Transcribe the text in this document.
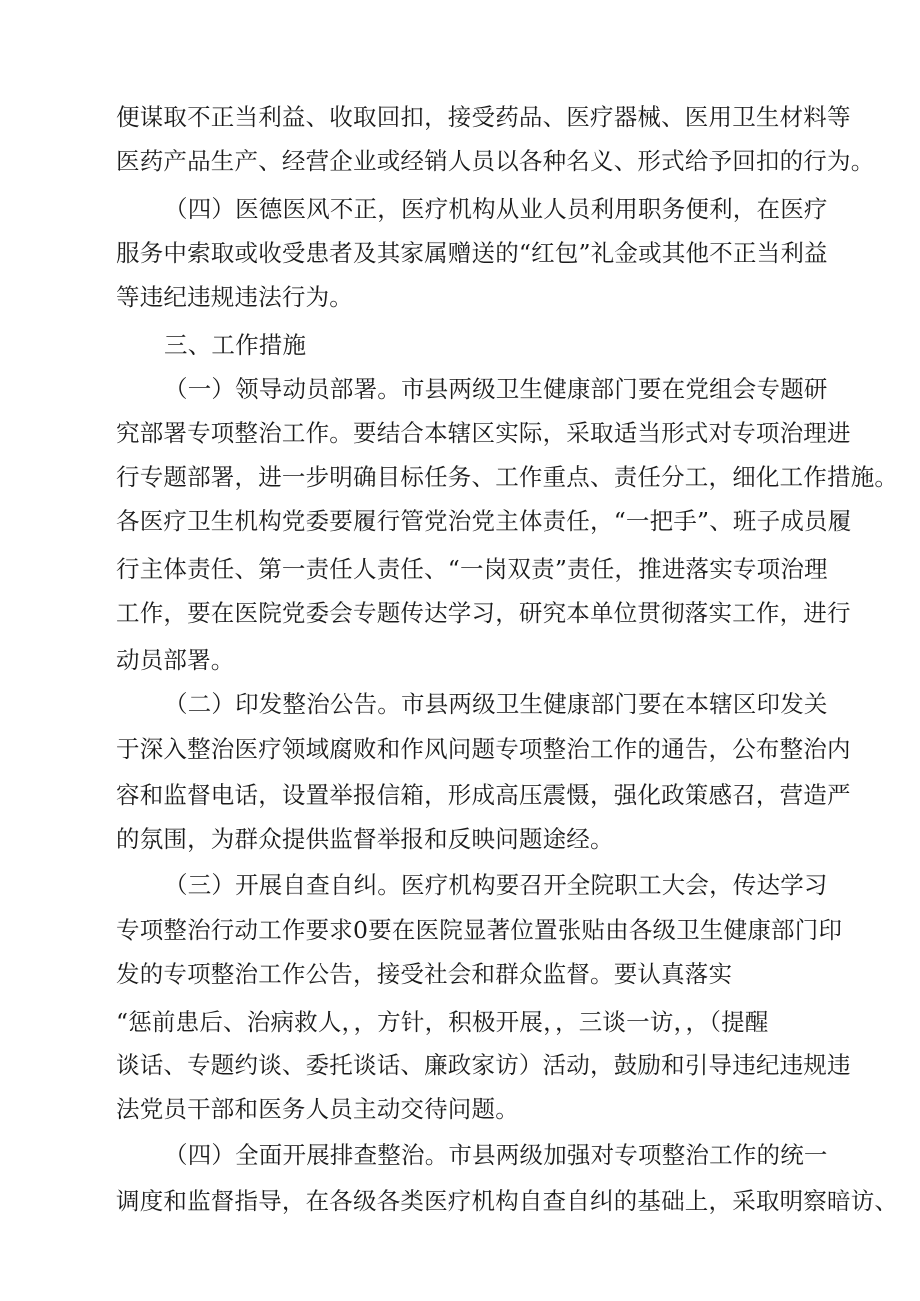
便谋取不正当利益、收取回扣，接受药品、医疗器械、医用卫生材料等
医药产品生产、经营企业或经销人员以各种名义、形式给予回扣的行为。
（四）医德医风不正，医疗机构从业人员利用职务便利，在医疗
服务中索取或收受患者及其家属赠送的“红包”礼金或其他不正当利益
等违纪违规违法行为。
三、工作措施
（一）领导动员部署。市县两级卫生健康部门要在党组会专题研
究部署专项整治工作。要结合本辖区实际，采取适当形式对专项治理进
行专题部署，进一步明确目标任务、工作重点、责任分工，细化工作措施。
各医疗卫生机构党委要履行管党治党主体责任，“一把手”、班子成员履
行主体责任、第一责任人责任、“一岗双责”责任，推进落实专项治理
工作，要在医院党委会专题传达学习，研究本单位贯彻落实工作，进行
动员部署。
（二）印发整治公告。市县两级卫生健康部门要在本辖区印发关
于深入整治医疗领域腐败和作风问题专项整治工作的通告，公布整治内
容和监督电话，设置举报信箱，形成高压震慑，强化政策感召，营造严
的氛围，为群众提供监督举报和反映问题途经。
（三）开展自查自纠。医疗机构要召开全院职工大会，传达学习
专项整治行动工作要求0要在医院显著位置张贴由各级卫生健康部门印
发的专项整治工作公告，接受社会和群众监督。要认真落实
“惩前患后、治病救人，，方针，积极开展，，三谈一访，，（提醒
谈话、专题约谈、委托谈话、廉政家访）活动，鼓励和引导违纪违规违
法党员干部和医务人员主动交待问题。
（四）全面开展排查整治。市县两级加强对专项整治工作的统一
调度和监督指导，在各级各类医疗机构自查自纠的基础上，采取明察暗访、
